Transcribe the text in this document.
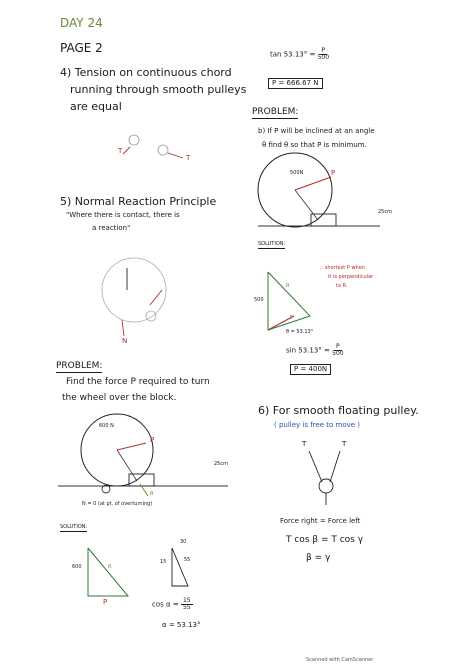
DAY 24
PAGE 2
4) Tension on continuous chord
running through smooth pulleys
are equal
T
T
5) Normal Reaction Principle
"Where there is contact, there is
a reaction"
N
PROBLEM:
Find the force P required to turn
the wheel over the block.
600 N
P
25cm
N = 0 (at pt. of overturning)
R
SOLUTION:
600
P
R
30
15	55
$\cos \alpha = \frac{15}{55}$
α = 53.13°
$\tan 53.13^\circ = \frac{P}{500}$
P = 666.67 N
PROBLEM:
b) If P will be inclined at an angle
θ find θ so that P is minimum.
500N	P
25cm
SOLUTION:
∴ shortest P when
it is perpendicular
to R.
500
R
P
θ = 53.13°
$\sin 53.13^\circ = \frac{P}{500}$
P = 400N
6) For smooth floating pulley.
( pulley is free to move )
T	T
Force right = Force left
T cos β = T cos γ
β = γ
Scanned with CamScanner
